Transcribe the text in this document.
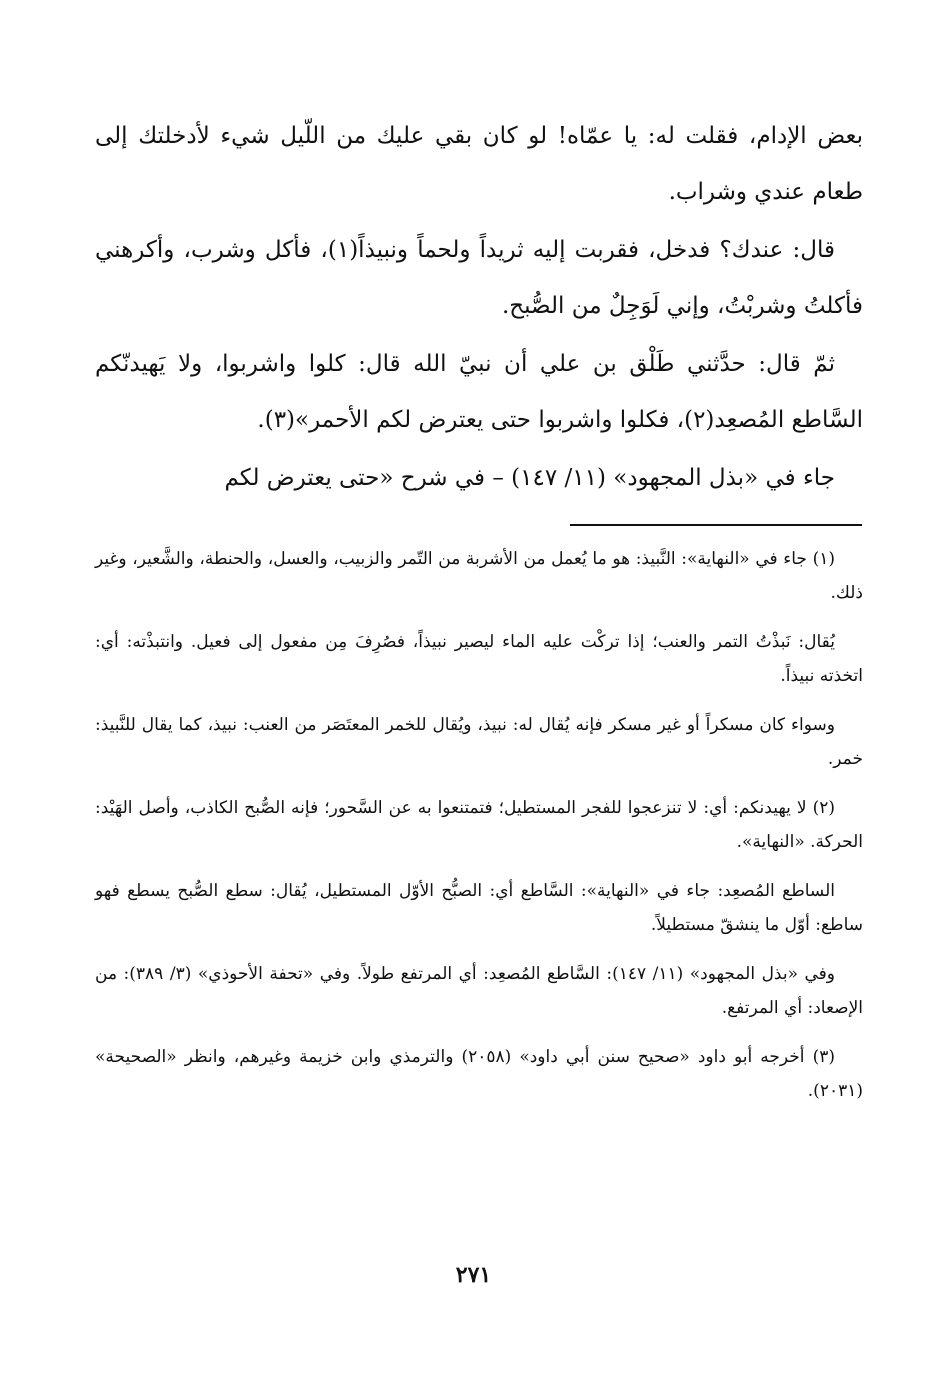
بعض الإدام، فقلت له: يا عمّاه! لو كان بقي عليك من اللّيل شيء لأدخلتك إلى طعام عندي وشراب.

قال: عندك؟ فدخل، فقربت إليه ثريداً ولحماً ونبيذاً(١)، فأكل وشرب، وأكرهني فأكلتُ وشربْتُ، وإني لَوَجِلٌ من الصُّبح.

ثمّ قال: حدَّثني طَلْق بن علي أن نبيّ الله قال: كلوا واشربوا، ولا يَهيدنّكم السَّاطع المُصعِد(٢)، فكلوا واشربوا حتى يعترض لكم الأحمر»(٣).

جاء في «بذل المجهود» (١١/ ١٤٧) – في شرح «حتى يعترض لكم

(١) جاء في «النهاية»: النَّبيذ: هو ما يُعمل من الأشربة من التّمر والزبيب، والعسل، والحنطة، والشَّعير، وغير ذلك.

يُقال: نَبذْتُ التمر والعنب؛ إذا تركْت عليه الماء ليصير نبيذاً، فصُرِفَ مِن مفعول إلى فعيل. وانتبذْته: أي: اتخذته نبيذاً.

وسواء كان مسكراً أو غير مسكر فإنه يُقال له: نبيذ، ويُقال للخمر المعتَصَر من العنب: نبيذ، كما يقال للنَّبيذ: خمر.

(٢) لا يهيدنكم: أي: لا تنزعجوا للفجر المستطيل؛ فتمتنعوا به عن السَّحور؛ فإنه الصُّبح الكاذب، وأصل الهَيْد: الحركة. «النهاية».

الساطع المُصعِد: جاء في «النهاية»: السَّاطع أي: الصبُّح الأوّل المستطيل، يُقال: سطع الصُّبح يسطع فهو ساطع: أوّل ما ينشقّ مستطيلاً.

وفي «بذل المجهود» (١١/ ١٤٧): السَّاطع المُصعِد: أي المرتفع طولاً. وفي «تحفة الأحوذي» (٣/ ٣٨٩): من الإصعاد: أي المرتفع.

(٣) أخرجه أبو داود «صحيح سنن أبي داود» (٢٠٥٨) والترمذي وابن خزيمة وغيرهم، وانظر «الصحيحة» (٢٠٣١).

٢٧١
